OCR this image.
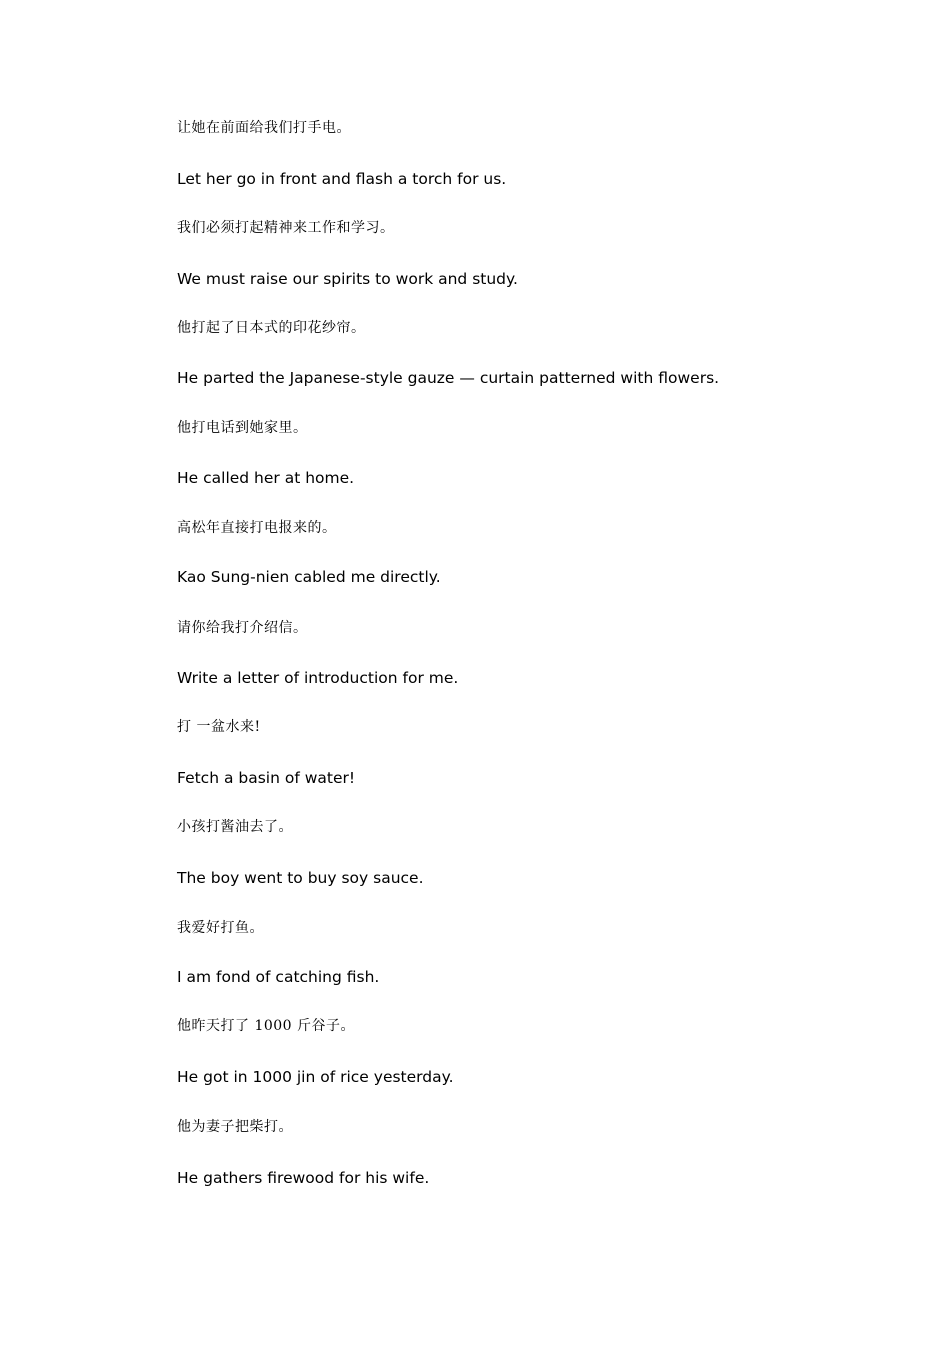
让她在前面给我们打手电。
Let her go in front and flash a torch for us.
我们必须打起精神来工作和学习。
We must raise our spirits to work and study.
他打起了日本式的印花纱帘。
He parted the Japanese-style gauze — curtain patterned with flowers.
他打电话到她家里。
He called her at home.
高松年直接打电报来的。
Kao Sung-nien cabled me directly.
请你给我打介绍信。
Write a letter of introduction for me.
打 一盆水来!
Fetch a basin of water!
小孩打酱油去了。
The boy went to buy soy sauce.
我爱好打鱼。
I am fond of catching fish.
他昨天打了 1000 斤谷子。
He got in 1000 jin of rice yesterday.
他为妻子把柴打。
He gathers firewood for his wife.
